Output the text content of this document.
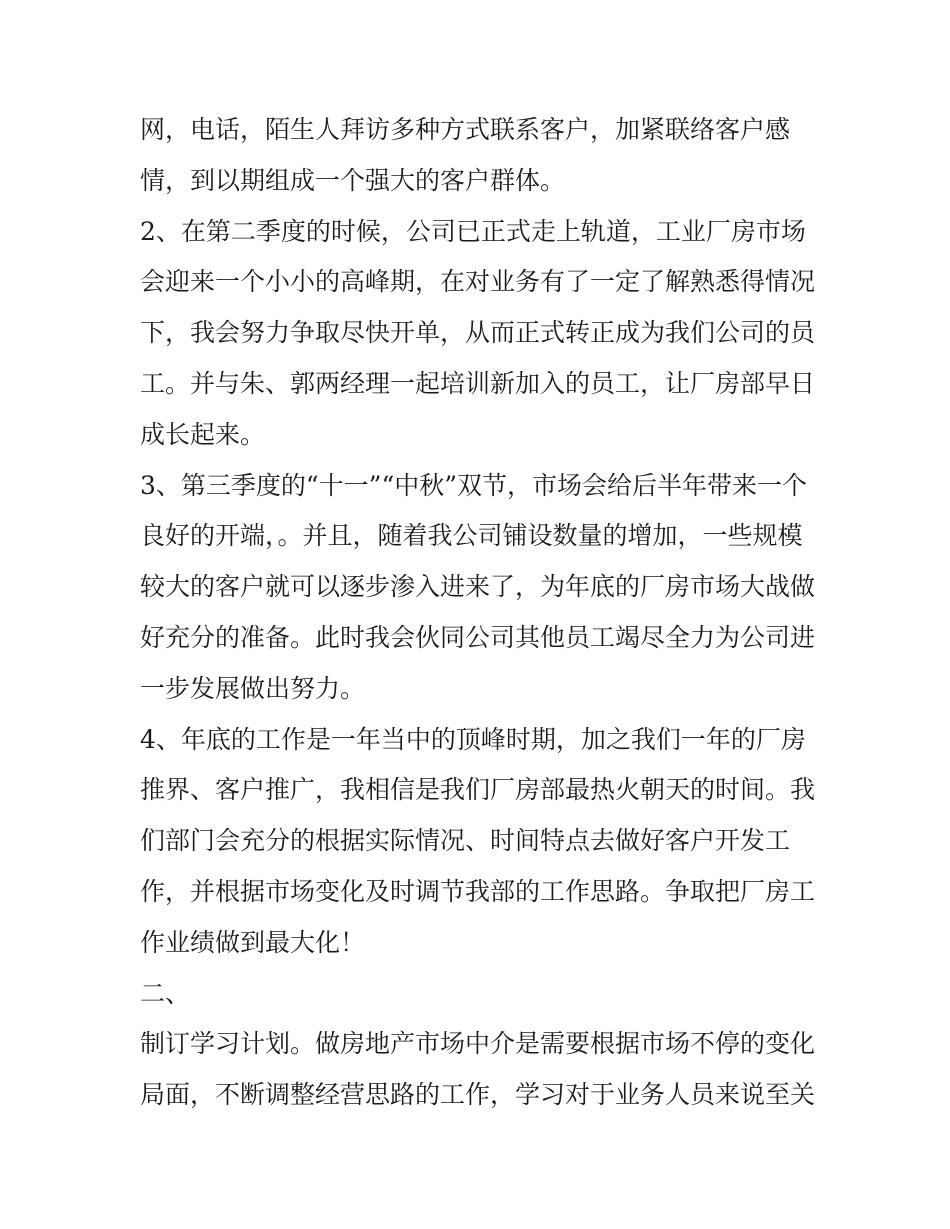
网，电话，陌生人拜访多种方式联系客户，加紧联络客户感
情，到以期组成一个强大的客户群体。
2、在第二季度的时候，公司已正式走上轨道，工业厂房市场
会迎来一个小小的高峰期，在对业务有了一定了解熟悉得情况
下，我会努力争取尽快开单，从而正式转正成为我们公司的员
工。并与朱、郭两经理一起培训新加入的员工，让厂房部早日
成长起来。
3、第三季度的“十一”“中秋”双节，市场会给后半年带来一个
良好的开端，。并且，随着我公司铺设数量的增加，一些规模
较大的客户就可以逐步渗入进来了，为年底的厂房市场大战做
好充分的准备。此时我会伙同公司其他员工竭尽全力为公司进
一步发展做出努力。
4、年底的工作是一年当中的顶峰时期，加之我们一年的厂房
推界、客户推广，我相信是我们厂房部最热火朝天的时间。我
们部门会充分的根据实际情况、时间特点去做好客户开发工
作，并根据市场变化及时调节我部的工作思路。争取把厂房工
作业绩做到最大化！
二、
制订学习计划。做房地产市场中介是需要根据市场不停的变化
局面，不断调整经营思路的工作，学习对于业务人员来说至关
